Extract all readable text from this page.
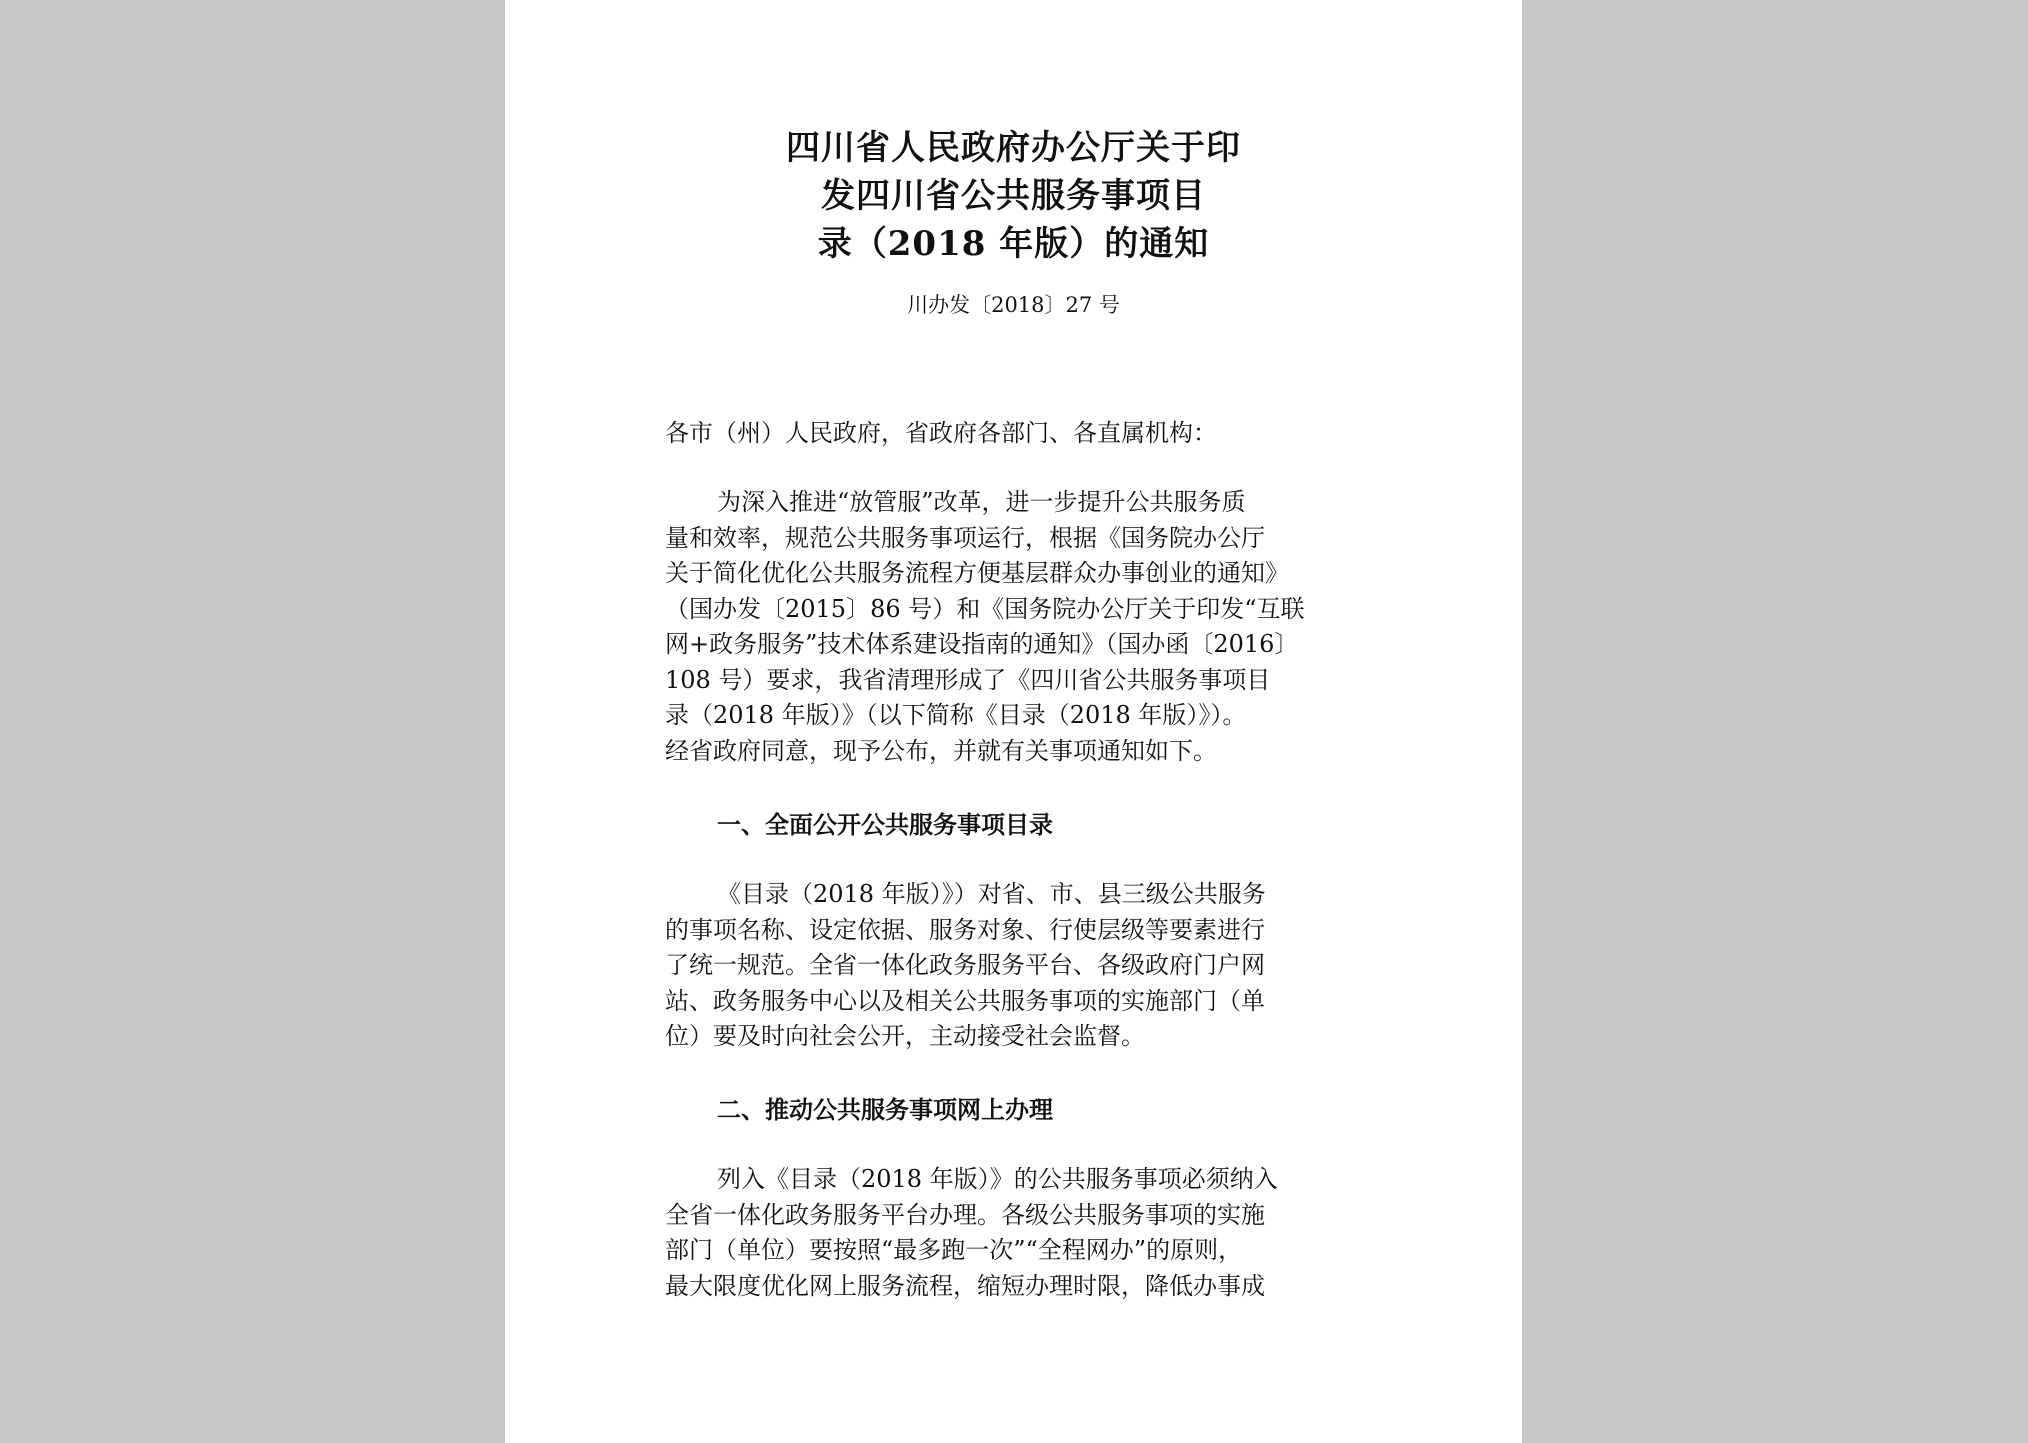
四川省人民政府办公厅关于印
发四川省公共服务事项目
录（2018 年版）的通知
川办发〔2018〕27 号
各市（州）人民政府，省政府各部门、各直属机构：
为深入推进“放管服”改革，进一步提升公共服务质
量和效率，规范公共服务事项运行，根据《国务院办公厅
关于简化优化公共服务流程方便基层群众办事创业的通知》
（国办发〔2015〕86 号）和《国务院办公厅关于印发“互联
网+政务服务”技术体系建设指南的通知》（国办函〔2016〕
108 号）要求，我省清理形成了《四川省公共服务事项目
录（2018 年版）》（以下简称《目录（2018 年版）》）。
经省政府同意，现予公布，并就有关事项通知如下。
一、全面公开公共服务事项目录
《目录（2018 年版）》）对省、市、县三级公共服务
的事项名称、设定依据、服务对象、行使层级等要素进行
了统一规范。全省一体化政务服务平台、各级政府门户网
站、政务服务中心以及相关公共服务事项的实施部门（单
位）要及时向社会公开，主动接受社会监督。
二、推动公共服务事项网上办理
列入《目录（2018 年版）》的公共服务事项必须纳入
全省一体化政务服务平台办理。各级公共服务事项的实施
部门（单位）要按照“最多跑一次”“全程网办”的原则，
最大限度优化网上服务流程，缩短办理时限，降低办事成
